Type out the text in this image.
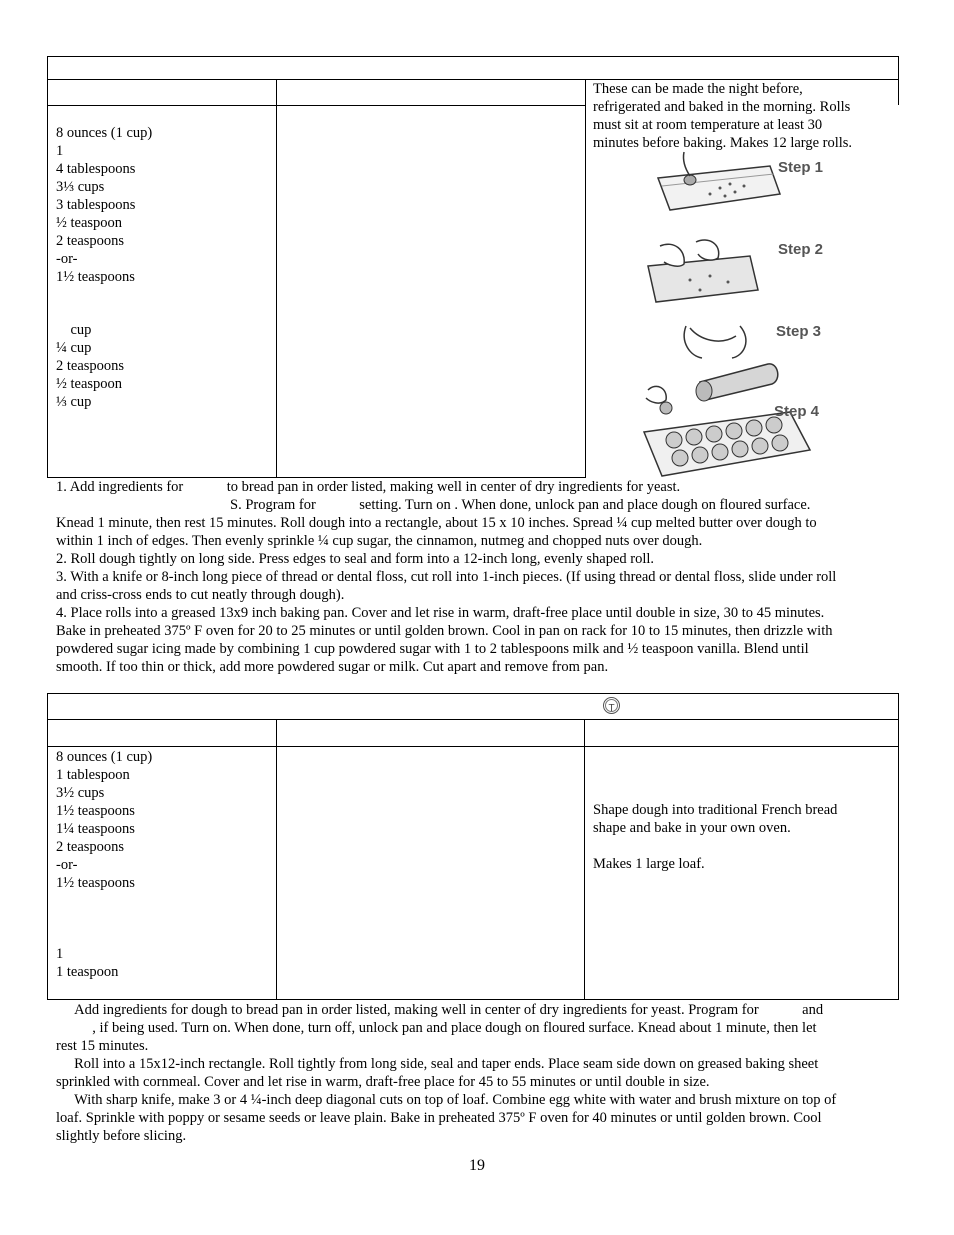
These can be made the night before,
refrigerated and baked in the morning. Rolls
must sit at room temperature at least 30
minutes before baking. Makes 12 large rolls.
8 ounces (1 cup)
1
4 tablespoons
3⅓ cups
3 tablespoons
½ teaspoon
2 teaspoons
-or-
1½ teaspoons
cup
¼ cup
2 teaspoons
½ teaspoon
⅓ cup
Step 1
Step 2
Step 3
Step 4
1. Add ingredients for            to bread pan in order listed, making well in center of dry ingredients for yeast.
S. Program for            setting. Turn on . When done, unlock pan and place dough on floured surface.
Knead 1 minute, then rest 15 minutes. Roll dough into a rectangle, about 15 x 10 inches. Spread ¼ cup melted butter over dough to
within 1 inch of edges. Then evenly sprinkle ¼ cup sugar, the cinnamon, nutmeg and chopped nuts over dough.
2. Roll dough tightly on long side. Press edges to seal and form into a 12-inch long, evenly shaped roll.
3. With a knife or 8-inch long piece of thread or dental floss, cut roll into 1-inch pieces. (If using thread or dental floss, slide under roll
and criss-cross ends to cut neatly through dough).
4. Place rolls into a greased 13x9 inch baking pan. Cover and let rise in warm, draft-free place until double in size, 30 to 45 minutes.
Bake in preheated 375º F oven for 20 to 25 minutes or until golden brown. Cool in pan on rack for 10 to 15 minutes, then drizzle with
powdered sugar icing made by combining 1 cup powdered sugar with 1 to 2 tablespoons milk and ½ teaspoon vanilla. Blend until
smooth. If too thin or thick, add more powdered sugar or milk. Cut apart and remove from pan.
T
8 ounces (1 cup)
1 tablespoon
3½ cups
1½ teaspoons
1¼ teaspoons
2 teaspoons
-or-
1½ teaspoons
1
1 teaspoon
Shape dough into traditional French bread
shape and bake in your own oven.
Makes 1 large loaf.
Add ingredients for dough to bread pan in order listed, making well in center of dry ingredients for yeast. Program for            and
, if being used. Turn on. When done, turn off, unlock pan and place dough on floured surface. Knead about 1 minute, then let
rest 15 minutes.
Roll into a 15x12-inch rectangle. Roll tightly from long side, seal and taper ends. Place seam side down on greased baking sheet
sprinkled with cornmeal. Cover and let rise in warm, draft-free place for 45 to 55 minutes or until double in size.
With sharp knife, make 3 or 4 ¼-inch deep diagonal cuts on top of loaf. Combine egg white with water and brush mixture on top of
loaf. Sprinkle with poppy or sesame seeds or leave plain. Bake in preheated 375º F oven for 40 minutes or until golden brown. Cool
slightly before slicing.
19
